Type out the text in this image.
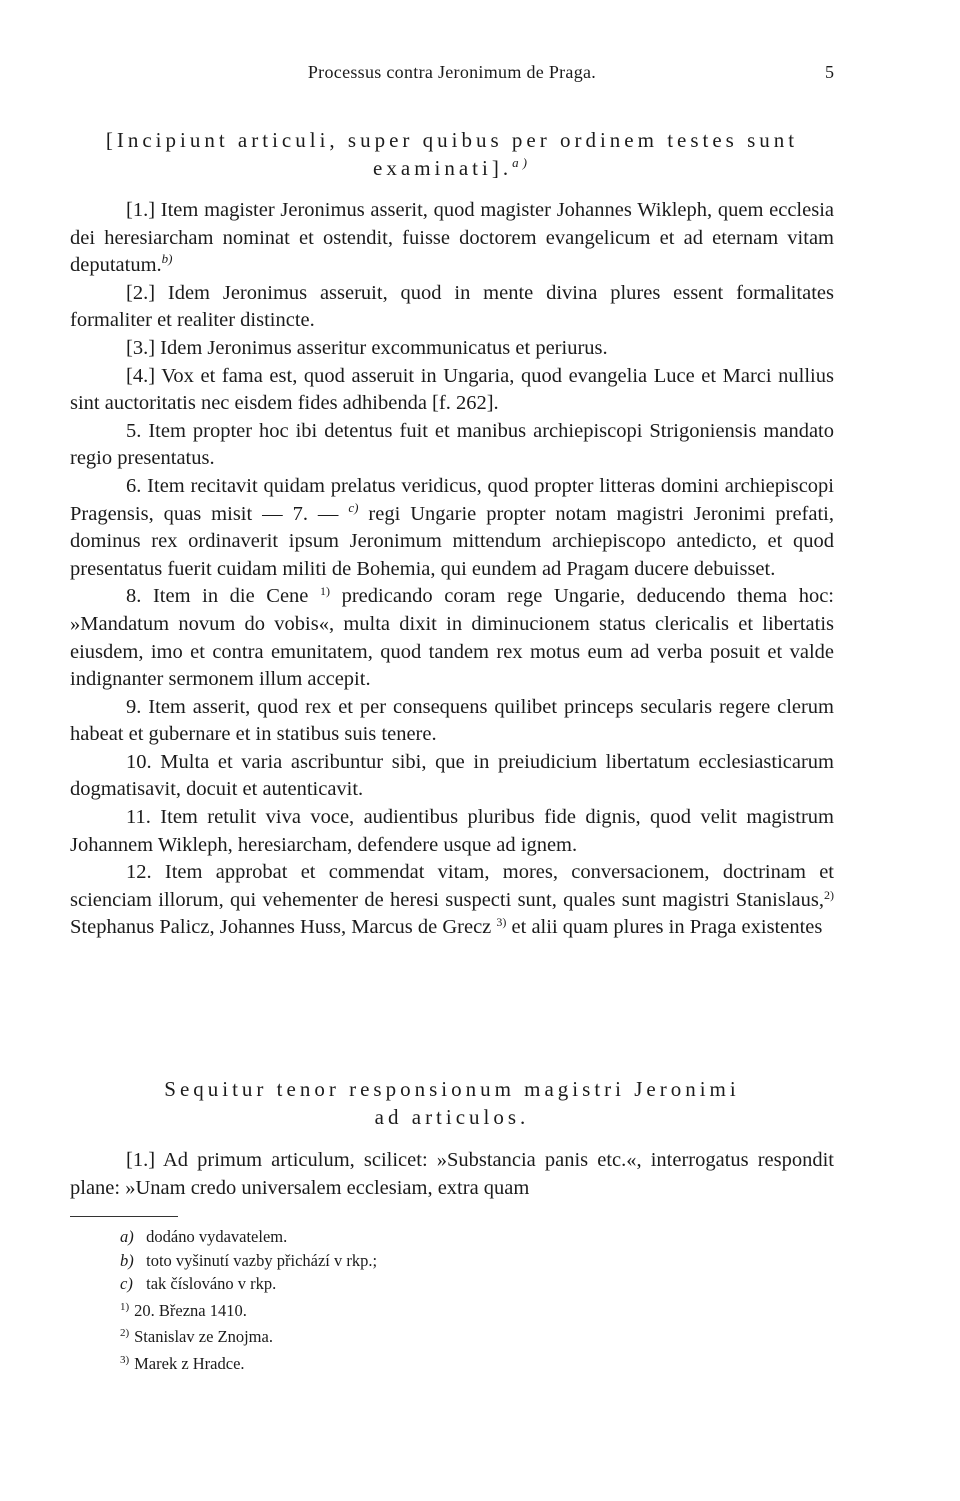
Processus contra Jeronimum de Praga.	5
[Incipiunt articuli, super quibus per ordinem testes sunt
examinati].$^{a)}$

[1.] Item magister Jeronimus asserit, quod magister Johannes Wikleph, quem ecclesia dei heresiarcham nominat et ostendit, fuisse doctorem evangelicum et ad eternam vitam deputatum.$^{b)}$

[2.] Idem Jeronimus asseruit, quod in mente divina plures essent formalitates formaliter et realiter distincte.

[3.] Idem Jeronimus asseritur excommunicatus et periurus.

[4.] Vox et fama est, quod asseruit in Ungaria, quod evangelia Luce et Marci nullius sint auctoritatis nec eisdem fides adhibenda [f. 262].

5. Item propter hoc ibi detentus fuit et manibus archiepiscopi Strigoniensis mandato regio presentatus.

6. Item recitavit quidam prelatus veridicus, quod propter litteras domini archiepiscopi Pragensis, quas misit — 7. — $^{c)}$ regi Ungarie propter notam magistri Jeronimi prefati, dominus rex ordinaverit ipsum Jeronimum mittendum archiepiscopo antedicto, et quod presentatus fuerit cuidam militi de Bohemia, qui eundem ad Pragam ducere debuisset.

8. Item in die Cene $^{1)}$ predicando coram rege Ungarie, deducendo thema hoc: »Mandatum novum do vobis«, multa dixit in diminucionem status clericalis et libertatis eiusdem, imo et contra emunitatem, quod tandem rex motus eum ad verba posuit et valde indignanter sermonem illum accepit.

9. Item asserit, quod rex et per consequens quilibet princeps secularis regere clerum habeat et gubernare et in statibus suis tenere.

10. Multa et varia ascribuntur sibi, que in preiudicium libertatum ecclesiasticarum dogmatisavit, docuit et autenticavit.

11. Item retulit viva voce, audientibus pluribus fide dignis, quod velit magistrum Johannem Wikleph, heresiarcham, defendere usque ad ignem.

12. Item approbat et commendat vitam, mores, conversacionem, doctrinam et scienciam illorum, qui vehementer de heresi suspecti sunt, quales sunt magistri Stanislaus,$^{2)}$ Stephanus Palicz, Johannes Huss, Marcus de Grecz $^{3)}$ et alii quam plures in Praga existentes

Sequitur tenor responsionum magistri Jeronimi
ad articulos.

[1.] Ad primum articulum, scilicet: »Substancia panis etc.«, interrogatus respondit plane: »Unam credo universalem ecclesiam, extra quam

a) dodáno vydavatelem.
b) toto vyšinutí vazby přichází v rkp.;
c) tak číslováno v rkp.
1) 20. Března 1410.
2) Stanislav ze Znojma.
3) Marek z Hradce.
